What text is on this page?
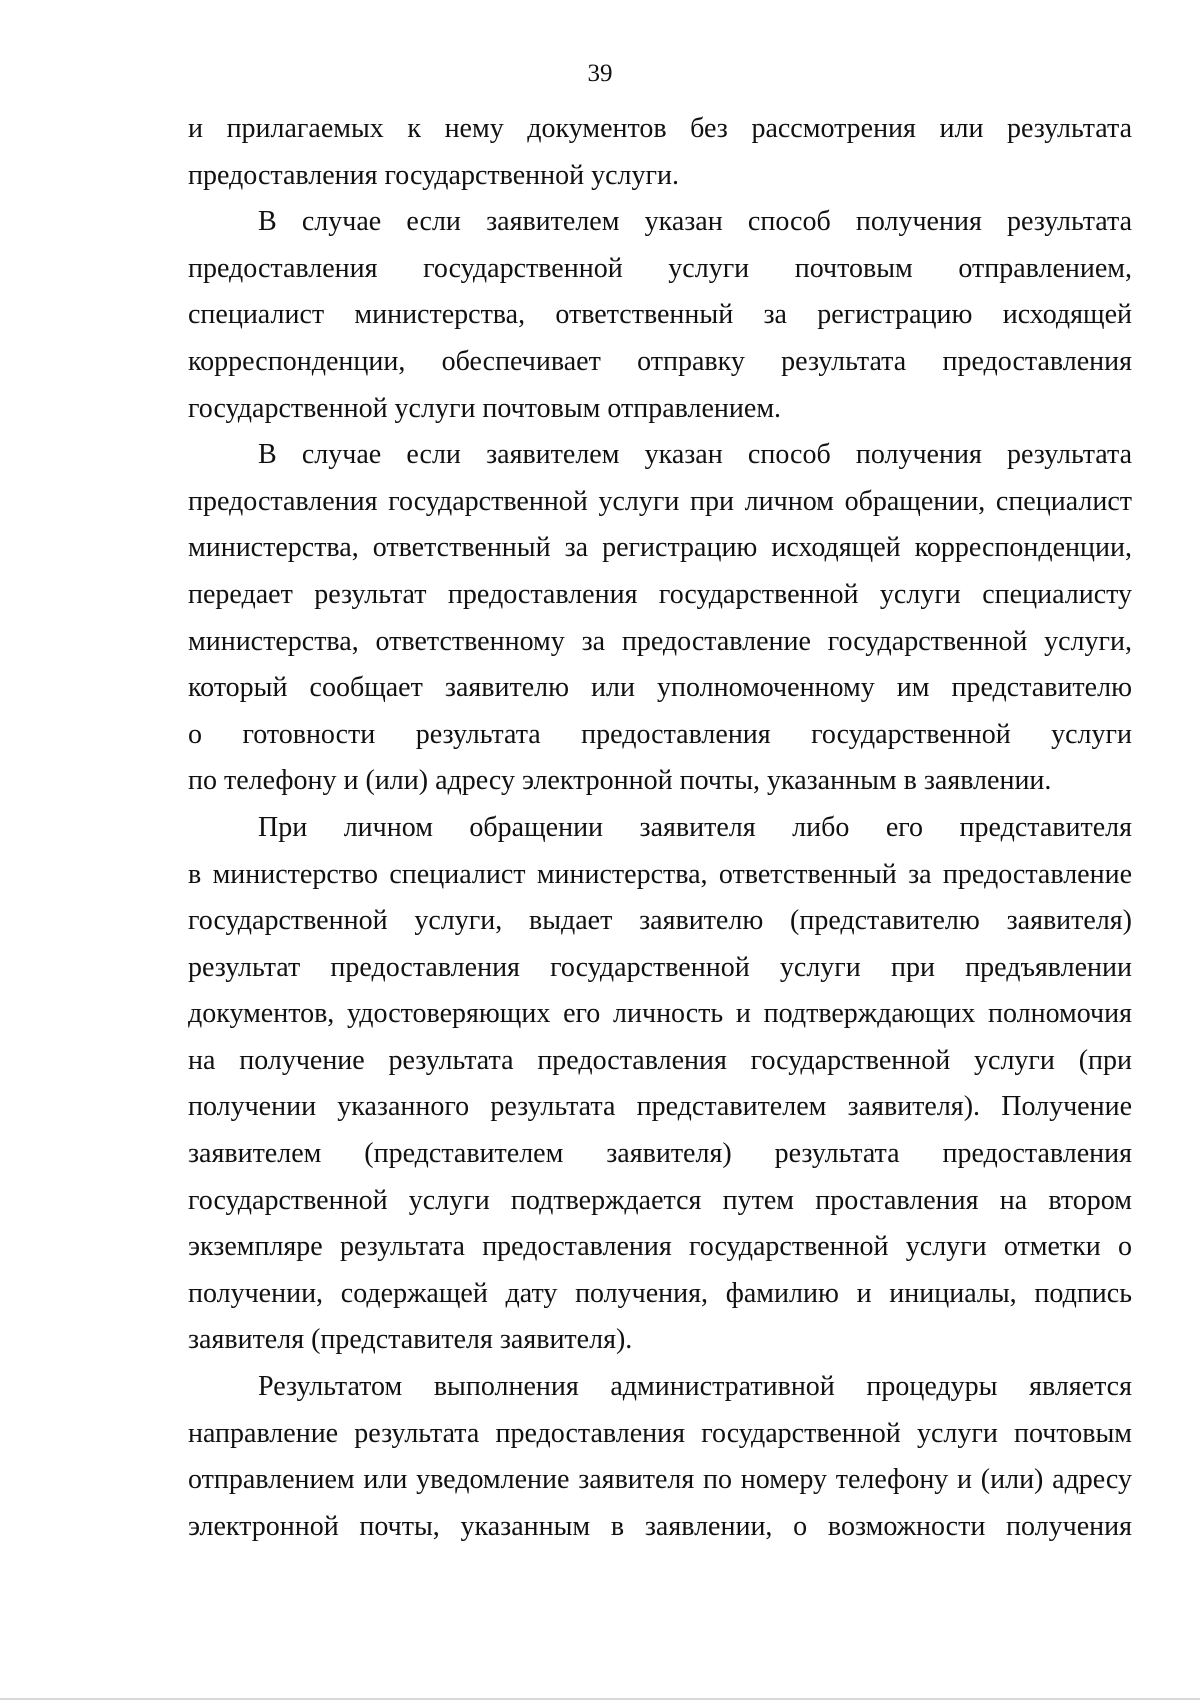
39

и прилагаемых к нему документов без рассмотрения или результата
предоставления государственной услуги.

В случае если заявителем указан способ получения результата
предоставления государственной услуги почтовым отправлением,
специалист министерства, ответственный за регистрацию исходящей
корреспонденции, обеспечивает отправку результата предоставления
государственной услуги почтовым отправлением.

В случае если заявителем указан способ получения результата
предоставления государственной услуги при личном обращении, специалист
министерства, ответственный за регистрацию исходящей корреспонденции,
передает результат предоставления государственной услуги специалисту
министерства, ответственному за предоставление государственной услуги,
который сообщает заявителю или уполномоченному им представителю
о готовности результата предоставления государственной услуги
по телефону и (или) адресу электронной почты, указанным в заявлении.

При личном обращении заявителя либо его представителя
в министерство специалист министерства, ответственный за предоставление
государственной услуги, выдает заявителю (представителю заявителя)
результат предоставления государственной услуги при предъявлении
документов, удостоверяющих его личность и подтверждающих полномочия
на получение результата предоставления государственной услуги (при
получении указанного результата представителем заявителя). Получение
заявителем (представителем заявителя) результата предоставления
государственной услуги подтверждается путем проставления на втором
экземпляре результата предоставления государственной услуги отметки о
получении, содержащей дату получения, фамилию и инициалы, подпись
заявителя (представителя заявителя).

Результатом выполнения административной процедуры является
направление результата предоставления государственной услуги почтовым
отправлением или уведомление заявителя по номеру телефону и (или) адресу
электронной почты, указанным в заявлении, о возможности получения
